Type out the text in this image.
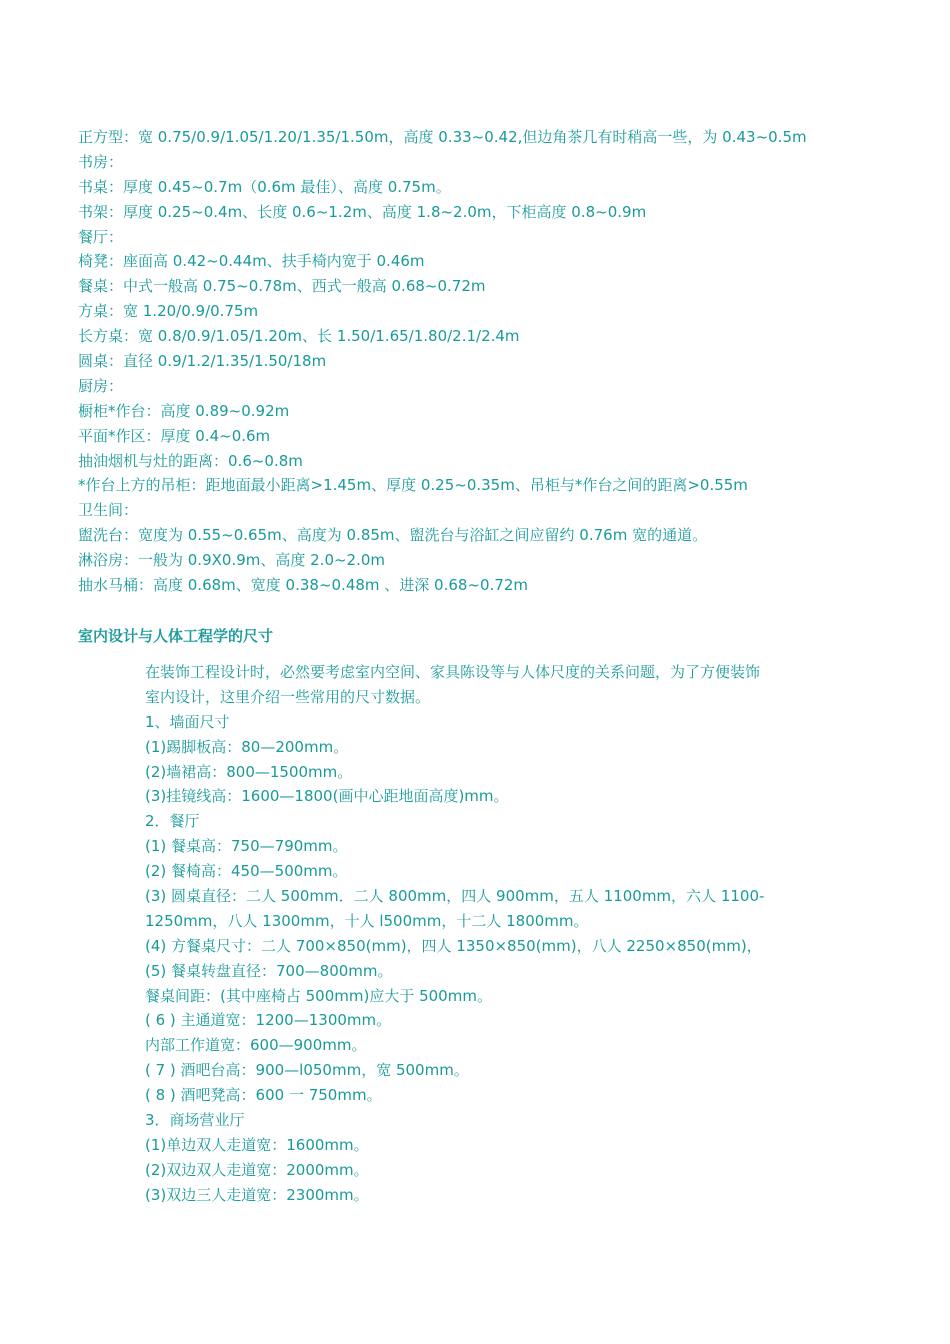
正方型：宽 0.75/0.9/1.05/1.20/1.35/1.50m，高度 0.33~0.42,但边角茶几有时稍高一些，为 0.43~0.5m
书房：
书桌：厚度 0.45~0.7m（0.6m 最佳）、高度 0.75m。
书架：厚度 0.25~0.4m、长度 0.6~1.2m、高度 1.8~2.0m，下柜高度 0.8~0.9m
餐厅：
椅凳：座面高 0.42~0.44m、扶手椅内宽于 0.46m
餐桌：中式一般高 0.75~0.78m、西式一般高 0.68~0.72m
方桌：宽 1.20/0.9/0.75m
长方桌：宽 0.8/0.9/1.05/1.20m、长 1.50/1.65/1.80/2.1/2.4m
圆桌：直径 0.9/1.2/1.35/1.50/18m
厨房：
橱柜*作台：高度 0.89~0.92m
平面*作区：厚度 0.4~0.6m
抽油烟机与灶的距离：0.6~0.8m
*作台上方的吊柜：距地面最小距离>1.45m、厚度 0.25~0.35m、吊柜与*作台之间的距离>0.55m
卫生间：
盥洗台：宽度为 0.55~0.65m、高度为 0.85m、盥洗台与浴缸之间应留约 0.76m 宽的通道。
淋浴房：一般为 0.9X0.9m、高度 2.0~2.0m
抽水马桶：高度 0.68m、宽度 0.38~0.48m 、进深 0.68~0.72m
室内设计与人体工程学的尺寸
在装饰工程设计时，必然要考虑室内空间、家具陈设等与人体尺度的关系问题，为了方便装饰
室内设计，这里介绍一些常用的尺寸数据。
1、墙面尺寸
(1)踢脚板高：80—200mm。
(2)墙裙高：800—1500mm。
(3)挂镜线高：1600—1800(画中心距地面高度)mm。
2．餐厅
(1) 餐桌高：750—790mm。
(2) 餐椅高：450—500mm。
(3) 圆桌直径：二人 500mm．二人 800mm，四人 900mm，五人 1100mm，六人 1100-
1250mm，八人 1300mm，十人 l500mm，十二人 1800mm。
(4) 方餐桌尺寸：二人 700×850(mm)，四人 1350×850(mm)，八人 2250×850(mm)，
(5) 餐桌转盘直径：700—800mm。
餐桌间距：(其中座椅占 500mm)应大于 500mm。
( 6 ) 主通道宽：1200—1300mm。
内部工作道宽：600—900mm。
( 7 ) 酒吧台高：900—l050mm，宽 500mm。
( 8 ) 酒吧凳高：600 一 750mm。
3．商场营业厅
(1)单边双人走道宽：1600mm。
(2)双边双人走道宽：2000mm。
(3)双边三人走道宽：2300mm。
